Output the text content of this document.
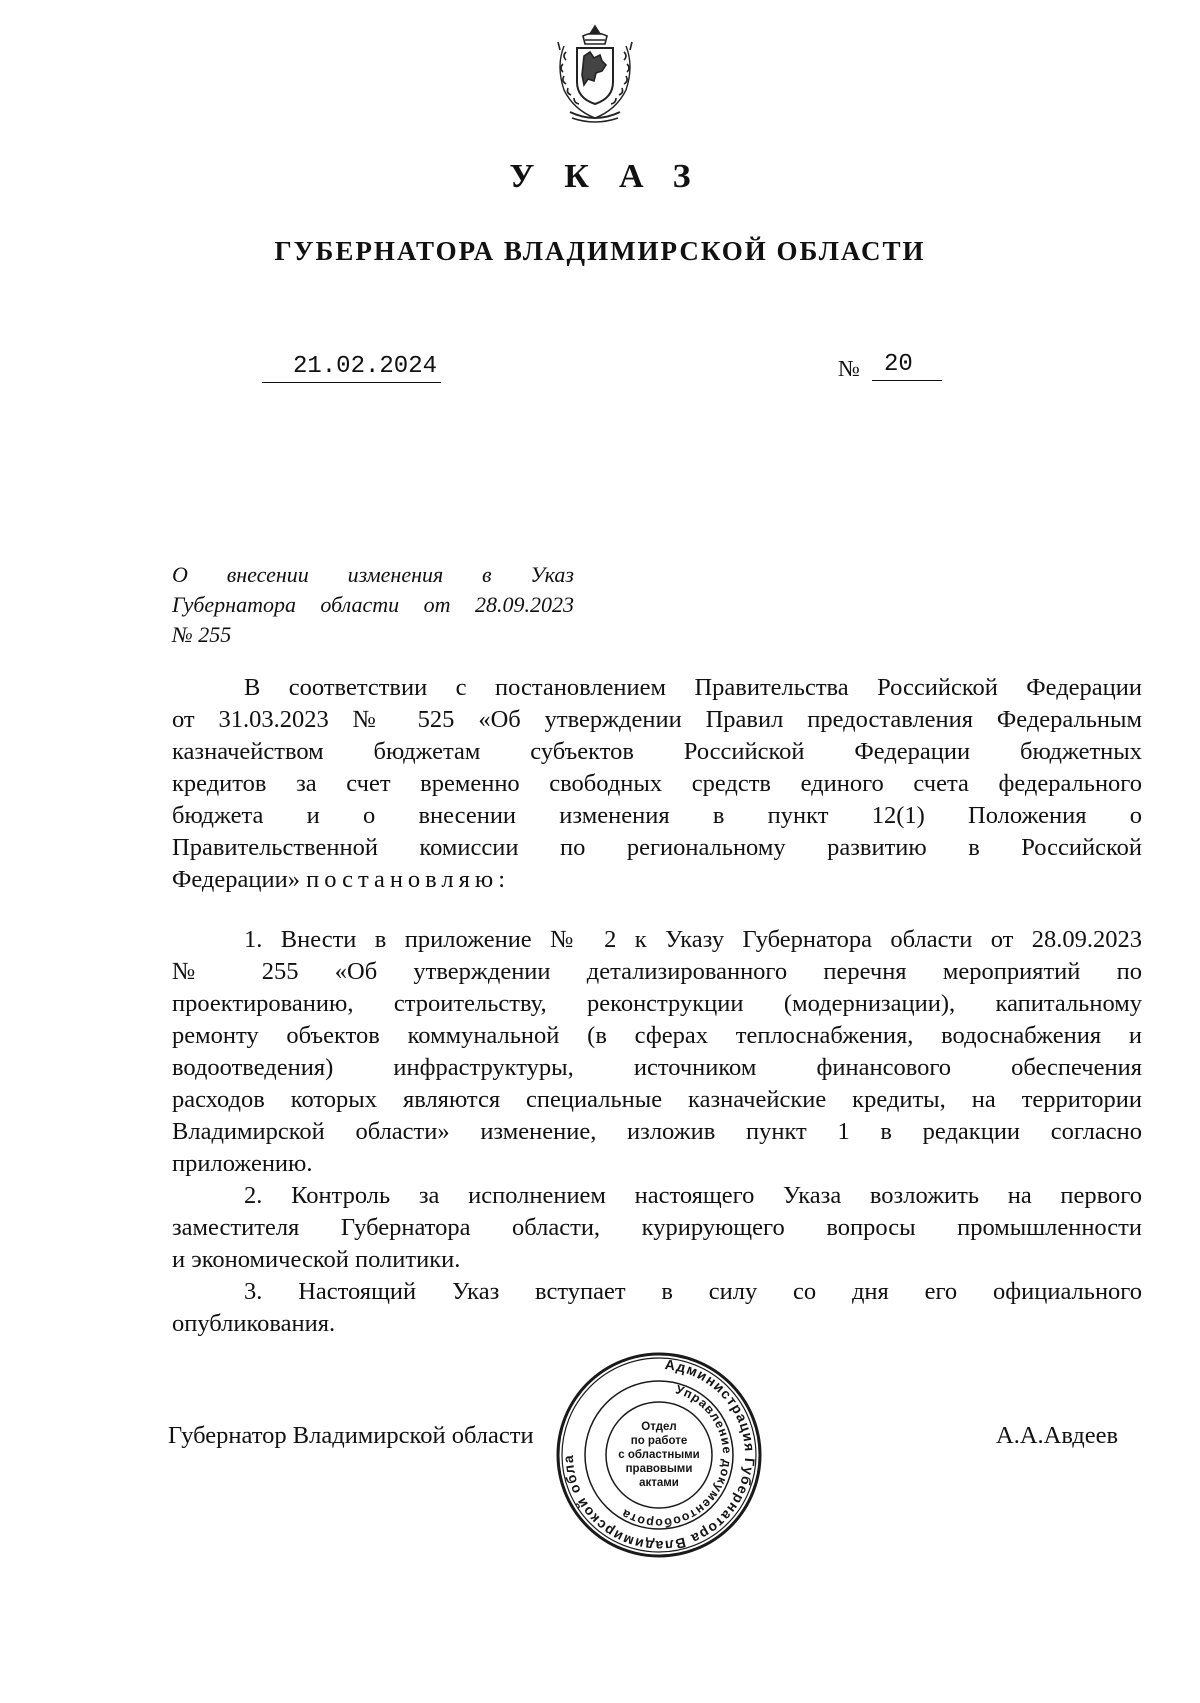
УКАЗ
ГУБЕРНАТОРА ВЛАДИМИРСКОЙ ОБЛАСТИ
21.02.2024	№	20
О внесении изменения в Указ
Губернатора области от 28.09.2023
№ 255
В соответствии с постановлением Правительства Российской Федерации
от 31.03.2023 № 525 «Об утверждении Правил предоставления Федеральным
казначейством бюджетам субъектов Российской Федерации бюджетных
кредитов за счет временно свободных средств единого счета федерального
бюджета и о внесении изменения в пункт 12(1) Положения о
Правительственной комиссии по региональному развитию в Российской
Федерации» постановляю:
1. Внести в приложение № 2 к Указу Губернатора области от 28.09.2023
№ 255 «Об утверждении детализированного перечня мероприятий по
проектированию, строительству, реконструкции (модернизации), капитальному
ремонту объектов коммунальной (в сферах теплоснабжения, водоснабжения и
водоотведения) инфраструктуры, источником финансового обеспечения
расходов которых являются специальные казначейские кредиты, на территории
Владимирской области» изменение, изложив пункт 1 в редакции согласно
приложению.
2. Контроль за исполнением настоящего Указа возложить на первого
заместителя Губернатора области, курирующего вопросы промышленности
и экономической политики.
3. Настоящий Указ вступает в силу со дня его официального
опубликования.
Губернатор Владимирской области	А.А.Авдеев
Администрация Губернатора Владимирской обла
Управление документооборота
Отдел
по работе
с областными
правовыми
актами
